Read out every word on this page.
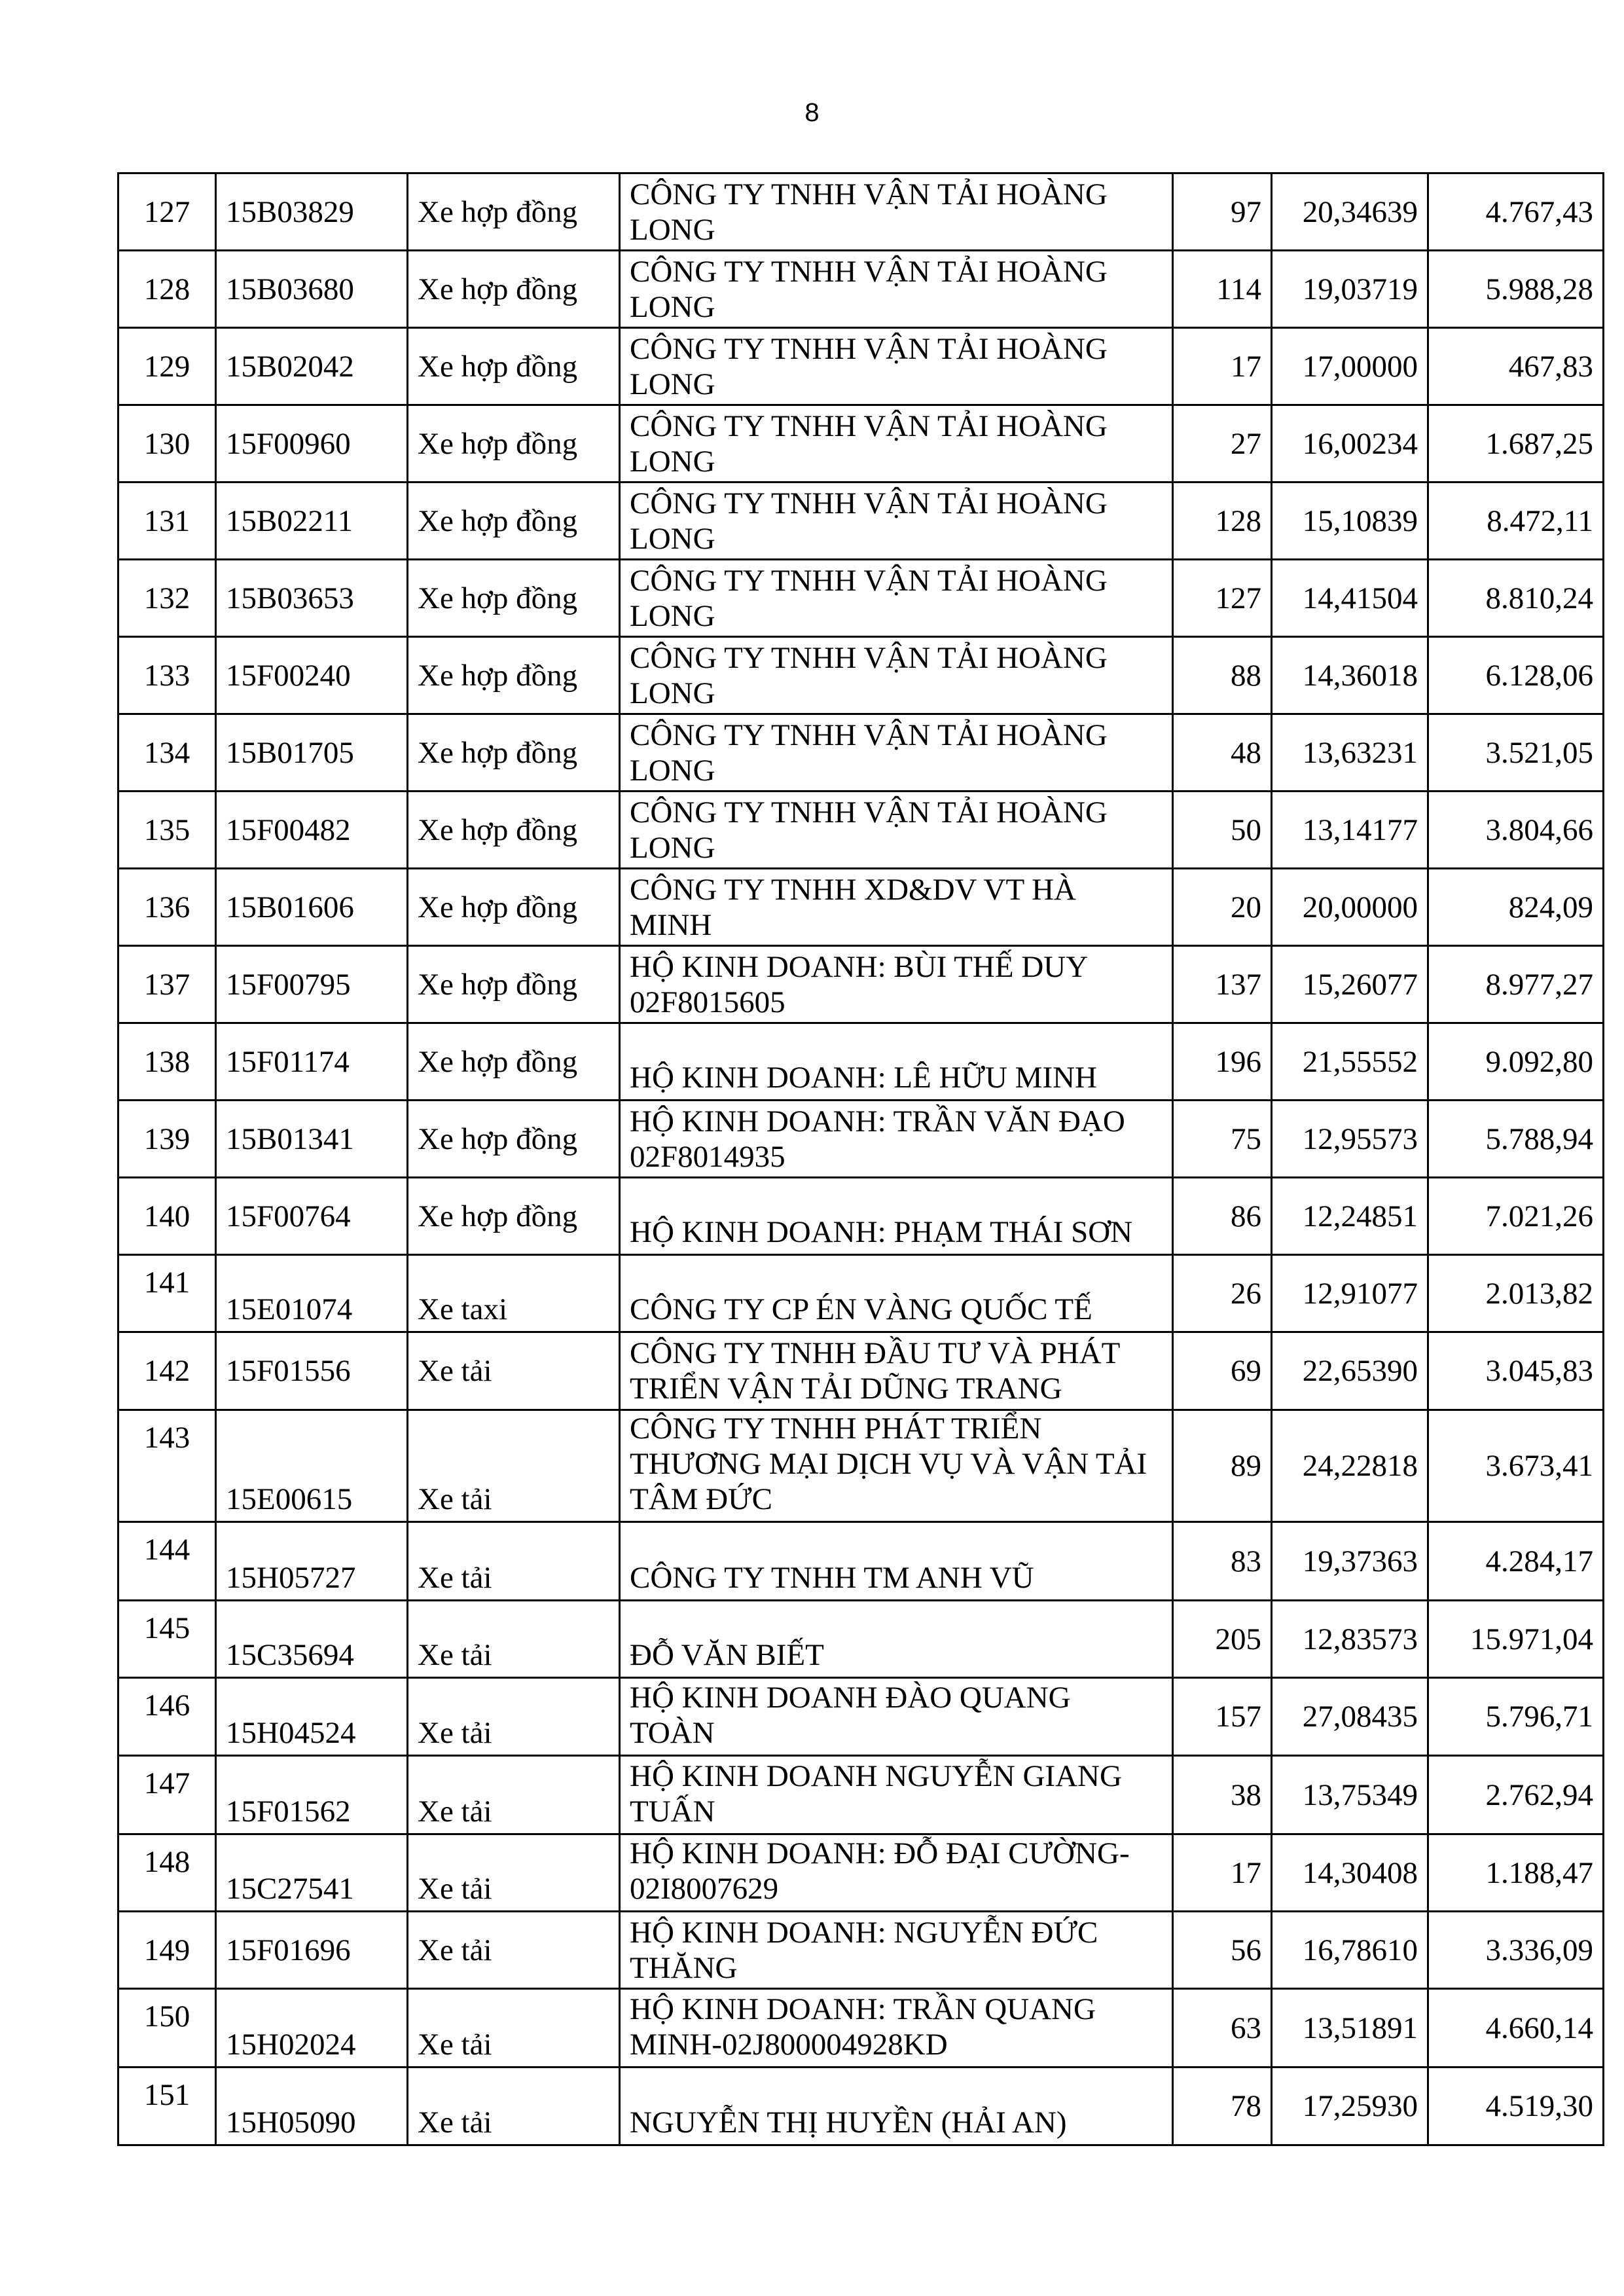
8
127	15B03829	Xe hợp đồng	CÔNG TY TNHH VẬN TẢI HOÀNG LONG	97	20,34639	4.767,43
128	15B03680	Xe hợp đồng	CÔNG TY TNHH VẬN TẢI HOÀNG LONG	114	19,03719	5.988,28
129	15B02042	Xe hợp đồng	CÔNG TY TNHH VẬN TẢI HOÀNG LONG	17	17,00000	467,83
130	15F00960	Xe hợp đồng	CÔNG TY TNHH VẬN TẢI HOÀNG LONG	27	16,00234	1.687,25
131	15B02211	Xe hợp đồng	CÔNG TY TNHH VẬN TẢI HOÀNG LONG	128	15,10839	8.472,11
132	15B03653	Xe hợp đồng	CÔNG TY TNHH VẬN TẢI HOÀNG LONG	127	14,41504	8.810,24
133	15F00240	Xe hợp đồng	CÔNG TY TNHH VẬN TẢI HOÀNG LONG	88	14,36018	6.128,06
134	15B01705	Xe hợp đồng	CÔNG TY TNHH VẬN TẢI HOÀNG LONG	48	13,63231	3.521,05
135	15F00482	Xe hợp đồng	CÔNG TY TNHH VẬN TẢI HOÀNG LONG	50	13,14177	3.804,66
136	15B01606	Xe hợp đồng	CÔNG TY TNHH XD&DV VT HÀ MINH	20	20,00000	824,09
137	15F00795	Xe hợp đồng	HỘ KINH DOANH: BÙI THẾ DUY 02F8015605	137	15,26077	8.977,27
138	15F01174	Xe hợp đồng	HỘ KINH DOANH: LÊ HỮU MINH	196	21,55552	9.092,80
139	15B01341	Xe hợp đồng	HỘ KINH DOANH: TRẦN VĂN ĐẠO 02F8014935	75	12,95573	5.788,94
140	15F00764	Xe hợp đồng	HỘ KINH DOANH: PHẠM THÁI SƠN	86	12,24851	7.021,26
141	15E01074	Xe taxi	CÔNG TY CP ÉN VÀNG QUỐC TẾ	26	12,91077	2.013,82
142	15F01556	Xe tải	CÔNG TY TNHH ĐẦU TƯ VÀ PHÁT TRIỂN VẬN TẢI DŨNG TRANG	69	22,65390	3.045,83
143	15E00615	Xe tải	CÔNG TY TNHH PHÁT TRIỂN THƯƠNG MẠI DỊCH VỤ VÀ VẬN TẢI TÂM ĐỨC	89	24,22818	3.673,41
144	15H05727	Xe tải	CÔNG TY TNHH TM ANH VŨ	83	19,37363	4.284,17
145	15C35694	Xe tải	ĐỖ VĂN BIẾT	205	12,83573	15.971,04
146	15H04524	Xe tải	HỘ KINH DOANH ĐÀO QUANG TOÀN	157	27,08435	5.796,71
147	15F01562	Xe tải	HỘ KINH DOANH NGUYỄN GIANG TUẤN	38	13,75349	2.762,94
148	15C27541	Xe tải	HỘ KINH DOANH: ĐỖ ĐẠI CƯỜNG-02I8007629	17	14,30408	1.188,47
149	15F01696	Xe tải	HỘ KINH DOANH: NGUYỄN ĐỨC THĂNG	56	16,78610	3.336,09
150	15H02024	Xe tải	HỘ KINH DOANH: TRẦN QUANG MINH-02J800004928KD	63	13,51891	4.660,14
151	15H05090	Xe tải	NGUYỄN THỊ HUYỀN (HẢI AN)	78	17,25930	4.519,30
